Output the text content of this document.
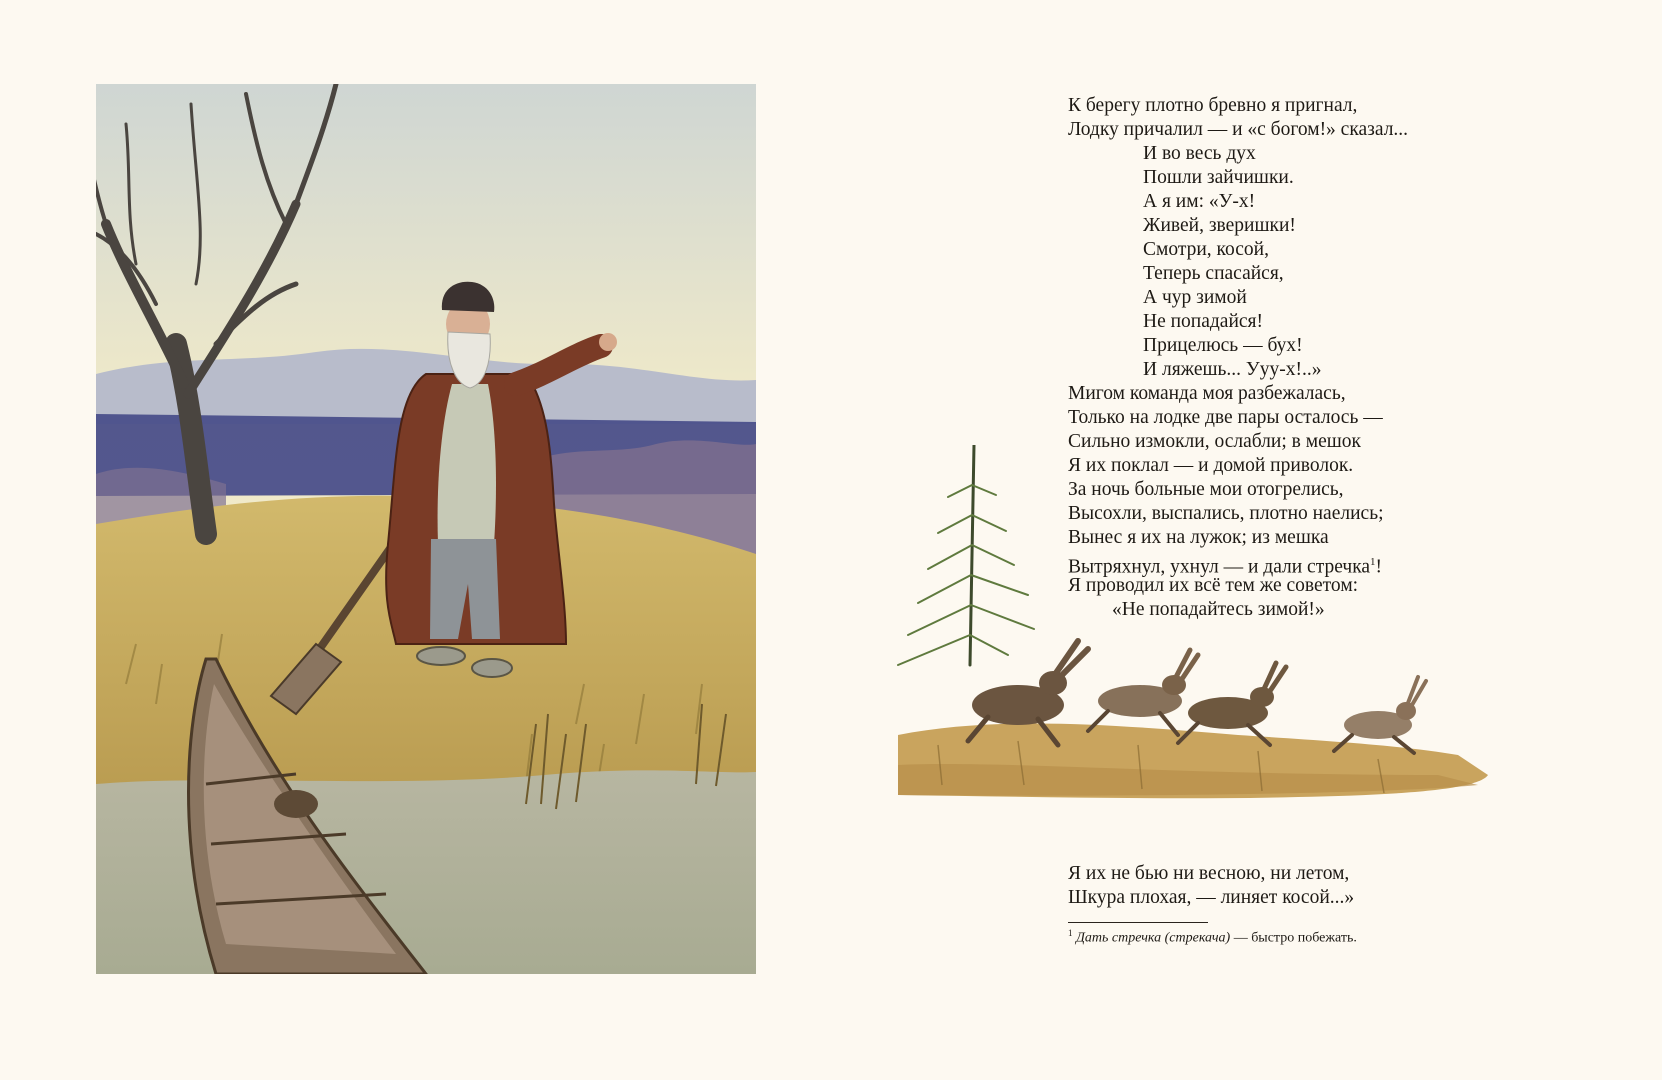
К берегу плотно бревно я пригнал,
Лодку причалил — и «с богом!» сказал...
И во весь дух
Пошли зайчишки.
А я им: «У-х!
Живей, зверишки!
Смотри, косой,
Теперь спасайся,
А чур зимой
Не попадайся!
Прицелюсь — бух!
И ляжешь... Ууу-х!..»
Мигом команда моя разбежалась,
Только на лодке две пары осталось —
Сильно измокли, ослабли; в мешок
Я их поклал — и домой приволок.
За ночь больные мои отогрелись,
Высохли, выспались, плотно наелись;
Вынес я их на лужок; из мешка
Вытряхнул, ухнул — и дали стречка$^1$!
Я проводил их всё тем же советом:
«Не попадайтесь зимой!»
Я их не бью ни весною, ни летом,
Шкура плохая, — линяет косой...»
$^1$ Дать стречка (стрекача) — быстро побежать.
